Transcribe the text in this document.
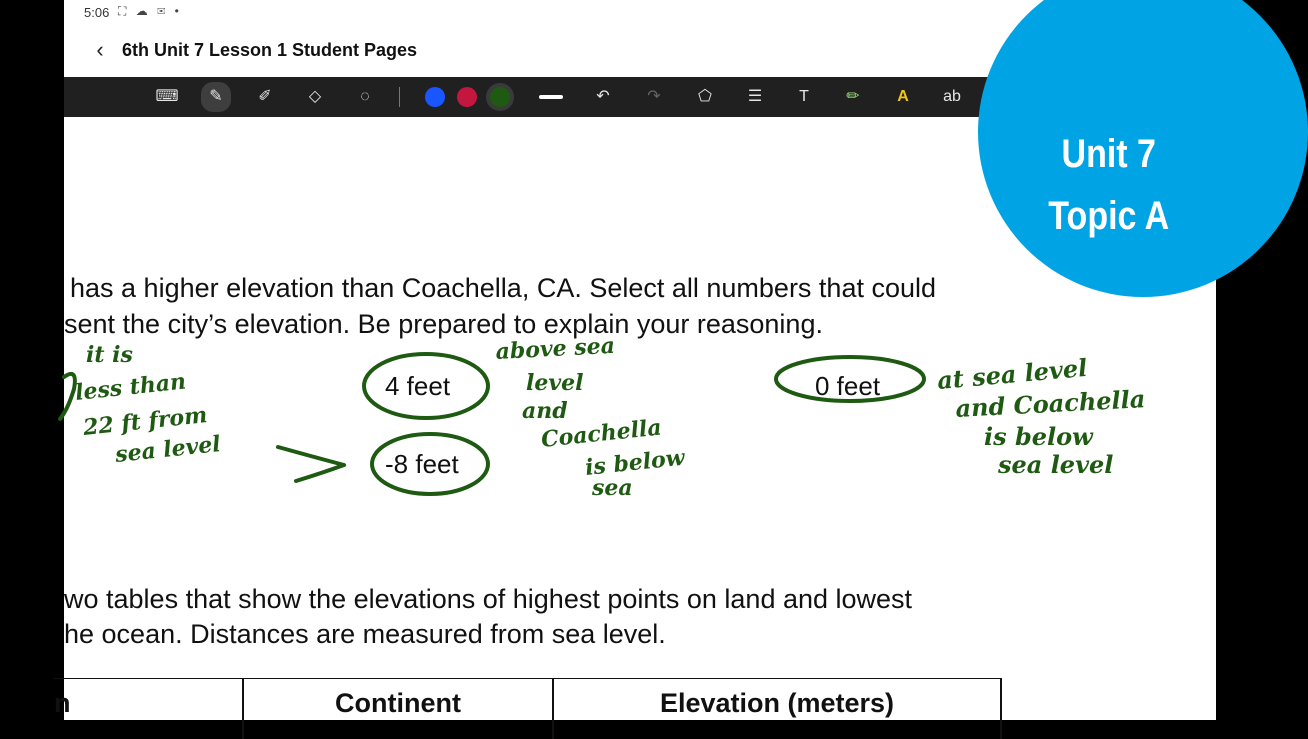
5:06 ⛶ ☁ ✉ •
‹	6th Unit 7 Lesson 1 Student Pages
⌨	✎	✐	◇	◌	↶	↷	⬠	☰	T	✏	A	ab
Unit 7
Topic A
has a higher elevation than Coachella, CA. Select all numbers that could
sent the city’s elevation. Be prepared to explain your reasoning.
4 feet
-8 feet
0 feet
wo tables that show the elevations of highest points on land and lowest
he ocean. Distances are measured from sea level.
n	Continent	Elevation (meters)
it is
less than
22 ft from
sea level
above sea
level
and
Coachella
is below
sea
at sea level
and Coachella
is below
sea level
